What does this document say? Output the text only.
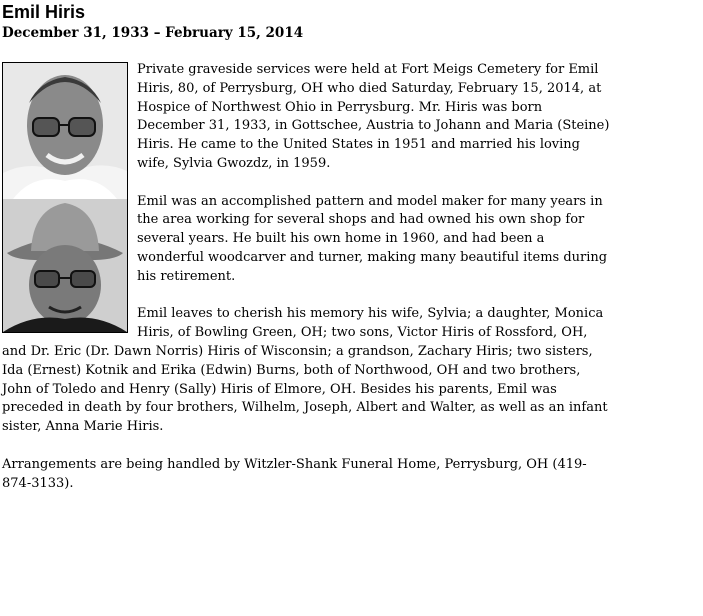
Emil Hiris
December 31, 1933 – February 15, 2014

Private graveside services were held at Fort Meigs Cemetery for Emil Hiris, 80, of Perrysburg, OH who died Saturday, February 15, 2014, at Hospice of Northwest Ohio in Perrysburg. Mr. Hiris was born December 31, 1933, in Gottschee, Austria to Johann and Maria (Steine) Hiris. He came to the United States in 1951 and married his loving wife, Sylvia Gwozdz, in 1959.

Emil was an accomplished pattern and model maker for many years in the area working for several shops and had owned his own shop for several years. He built his own home in 1960, and had been a wonderful woodcarver and turner, making many beautiful items during his retirement.

Emil leaves to cherish his memory his wife, Sylvia; a daughter, Monica Hiris, of Bowling Green, OH; two sons, Victor Hiris of Rossford, OH, and Dr. Eric (Dr. Dawn Norris) Hiris of Wisconsin; a grandson, Zachary Hiris; two sisters, Ida (Ernest) Kotnik and Erika (Edwin) Burns, both of Northwood, OH and two brothers, John of Toledo and Henry (Sally) Hiris of Elmore, OH. Besides his parents, Emil was preceded in death by four brothers, Wilhelm, Joseph, Albert and Walter, as well as an infant sister, Anna Marie Hiris.

Arrangements are being handled by Witzler-Shank Funeral Home, Perrysburg, OH (419-874-3133).
